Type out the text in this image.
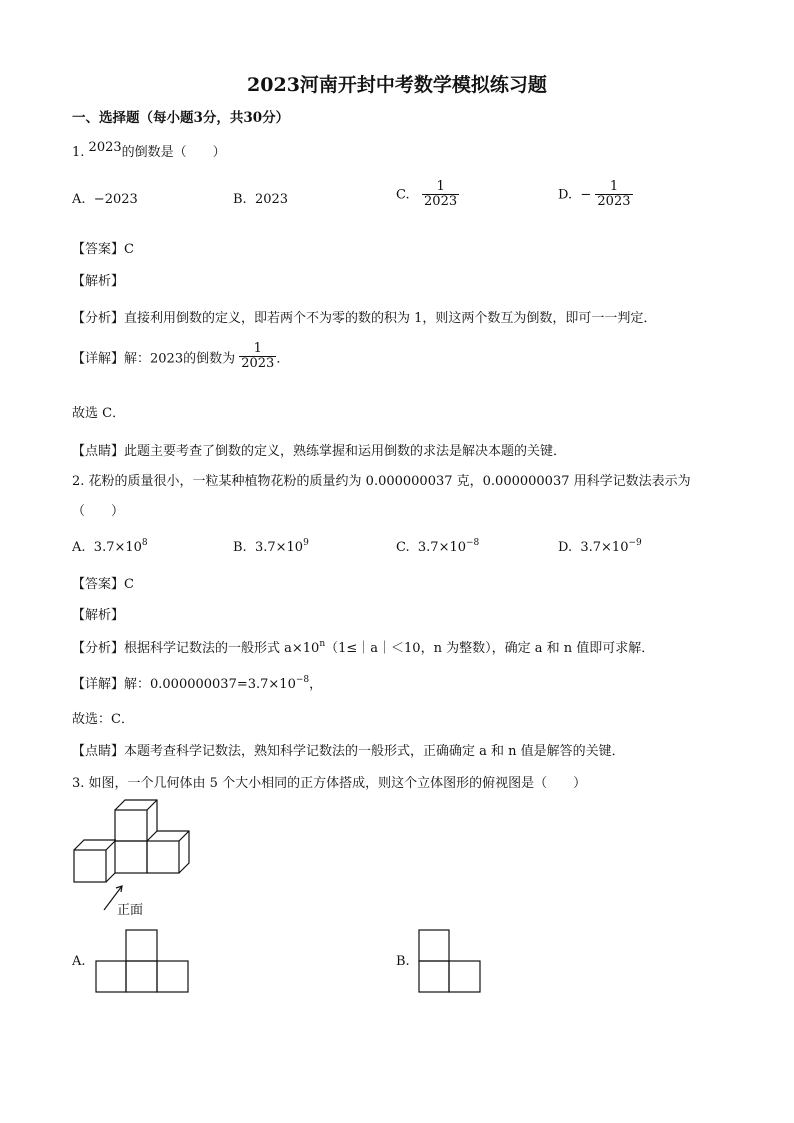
2023河南开封中考数学模拟练习题
一、选择题（每小题3分，共30分）
1. 2023的倒数是（　　）
A. −2023	B. 2023	C. $\frac{1}{2023}$	D. − $\frac{1}{2023}$
【答案】C
【解析】
【分析】直接利用倒数的定义，即若两个不为零的数的积为 1，则这两个数互为倒数，即可一一判定．
【详解】解：2023的倒数为 $\frac{1}{2023}$ ．
故选 C．
【点睛】此题主要考查了倒数的定义，熟练掌握和运用倒数的求法是解决本题的关键．
2. 花粉的质量很小，一粒某种植物花粉的质量约为 0.000000037 克，0.000000037 用科学记数法表示为
（　　）
A. $3.7\times 10^8$	B. $3.7\times 10^9$	C. $3.7\times 10^{-8}$	D. $3.7\times 10^{-9}$
【答案】C
【解析】
【分析】根据科学记数法的一般形式 $a\times 10^n(1\le|a|<10$，n 为整数），确定 a 和 n 值即可求解．
【详解】解：$0.000000037=3.7\times 10^{-8}$，
故选：C．
【点睛】本题考查科学记数法，熟知科学记数法的一般形式，正确确定 a 和 n 值是解答的关键．
3. 如图，一个几何体由 5 个大小相同的正方体搭成，则这个立体图形的俯视图是（　　）
正面
A.	B.
